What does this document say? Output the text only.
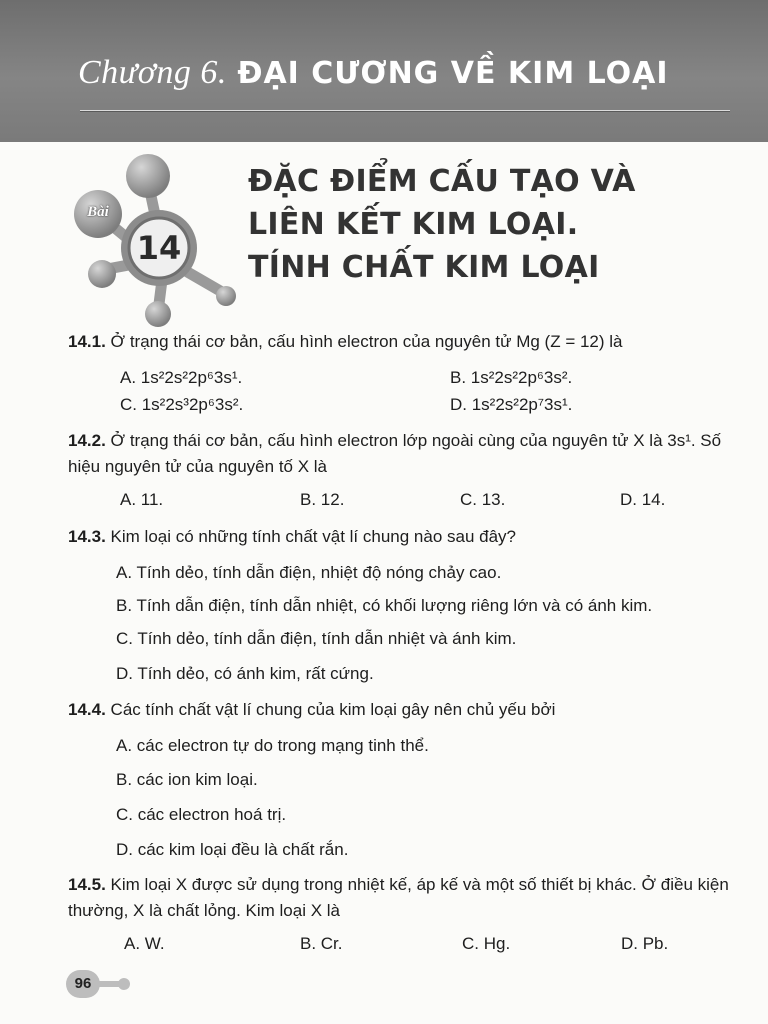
Chương 6. ĐẠI CƯƠNG VỀ KIM LOẠI
Bài
14
ĐẶC ĐIỂM CẤU TẠO VÀ
LIÊN KẾT KIM LOẠI.
TÍNH CHẤT KIM LOẠI
14.1. Ở trạng thái cơ bản, cấu hình electron của nguyên tử Mg (Z = 12) là
A. 1s²2s²2p⁶3s¹.	B. 1s²2s²2p⁶3s².
C. 1s²2s³2p⁶3s².	D. 1s²2s²2p⁷3s¹.
14.2. Ở trạng thái cơ bản, cấu hình electron lớp ngoài cùng của nguyên tử X là 3s¹. Số hiệu nguyên tử của nguyên tố X là
A. 11.	B. 12.	C. 13.	D. 14.
14.3. Kim loại có những tính chất vật lí chung nào sau đây?
A. Tính dẻo, tính dẫn điện, nhiệt độ nóng chảy cao.
B. Tính dẫn điện, tính dẫn nhiệt, có khối lượng riêng lớn và có ánh kim.
C. Tính dẻo, tính dẫn điện, tính dẫn nhiệt và ánh kim.
D. Tính dẻo, có ánh kim, rất cứng.
14.4. Các tính chất vật lí chung của kim loại gây nên chủ yếu bởi
A. các electron tự do trong mạng tinh thể.
B. các ion kim loại.
C. các electron hoá trị.
D. các kim loại đều là chất rắn.
14.5. Kim loại X được sử dụng trong nhiệt kế, áp kế và một số thiết bị khác. Ở điều kiện thường, X là chất lỏng. Kim loại X là
A. W.	B. Cr.	C. Hg.	D. Pb.
96
